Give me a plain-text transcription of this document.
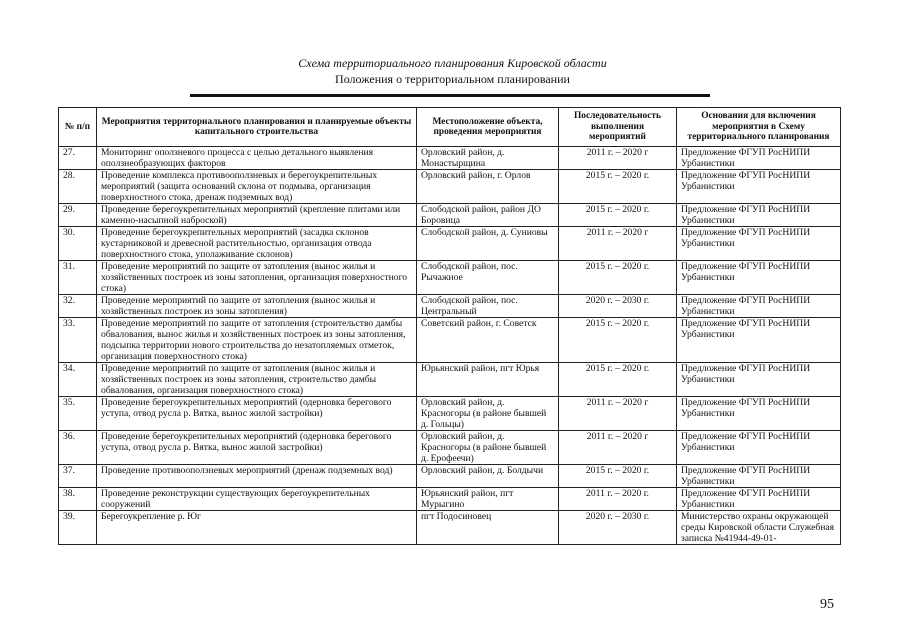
Схема территориального планирования Кировской области
Положения о территориальном планировании
№ п/п	Мероприятия территориального планирования и планируемые объекты капитального строительства	Местоположение объекта, проведения мероприятия	Последовательность выполнения мероприятий	Основания для включения мероприятия в Схему территориального планирования
27.	Мониторинг оползневого процесса с целью детального выявления оползнеобразующих факторов	Орловский район, д. Монастырщина	2011 г. – 2020 г	Предложение ФГУП РосНИПИ Урбанистики
28.	Проведение комплекса противооползневых и берегоукрепительных мероприятий (защита оснований склона от подмыва, организация поверхностного стока, дренаж подземных вод)	Орловский район, г. Орлов	2015 г. – 2020 г.	Предложение ФГУП РосНИПИ Урбанистики
29.	Проведение берегоукрепительных мероприятий (крепление плитами или каменно-насыпной наброской)	Слободской район, район ДО Боровица	2015 г. – 2020 г.	Предложение ФГУП РосНИПИ Урбанистики
30.	Проведение берегоукрепительных мероприятий (засадка склонов кустарниковой и древесной растительностью, организация отвода поверхностного стока, уполаживание склонов)	Слободской район, д. Суниовы	2011 г. – 2020 г	Предложение ФГУП РосНИПИ Урбанистики
31.	Проведение мероприятий по защите от затопления (вынос жилья и хозяйственных построек из зоны затопления, организация поверхностного стока)	Слободской район, пос. Рычажное	2015 г. – 2020 г.	Предложение ФГУП РосНИПИ Урбанистики
32.	Проведение мероприятий по защите от затопления (вынос жилья и хозяйственных построек из зоны затопления)	Слободской район, пос. Центральный	2020 г. – 2030 г.	Предложение ФГУП РосНИПИ Урбанистики
33.	Проведение мероприятий по защите от затопления (строительство дамбы обвалования, вынос жилья и хозяйственных построек из зоны затопления, подсыпка территории нового строительства до незатопляемых отметок, организация поверхностного стока)	Советский район, г. Советск	2015 г. – 2020 г.	Предложение ФГУП РосНИПИ Урбанистики
34.	Проведение мероприятий по защите от затопления (вынос жилья и хозяйственных построек из зоны затопления, строительство дамбы обвалования, организация поверхностного стока)	Юрьянский район, пгт Юрья	2015 г. – 2020 г.	Предложение ФГУП РосНИПИ Урбанистики
35.	Проведение берегоукрепительных мероприятий (одерновка берегового уступа, отвод русла р. Вятка, вынос жилой застройки)	Орловский район, д. Красногоры (в районе бывшей д. Гольцы)	2011 г. – 2020 г	Предложение ФГУП РосНИПИ Урбанистики
36.	Проведение берегоукрепительных мероприятий (одерновка берегового уступа, отвод русла р. Вятка, вынос жилой застройки)	Орловский район, д. Красногоры (в районе бывшей д. Ерофеечи)	2011 г. – 2020 г	Предложение ФГУП РосНИПИ Урбанистики
37.	Проведение противооползневых мероприятий (дренаж подземных вод)	Орловский район, д. Болдычи	2015 г. – 2020 г.	Предложение ФГУП РосНИПИ Урбанистики
38.	Проведение реконструкции существующих берегоукрепительных сооружений	Юрьянский район, пгт Мурыгино	2011 г. – 2020 г.	Предложение ФГУП РосНИПИ Урбанистики
39.	Берегоукрепление р. Юг	пгт Подосиновец	2020 г. – 2030 г.	Министерство охраны окружающей среды Кировской области Служебная записка №41944-49-01-
95
